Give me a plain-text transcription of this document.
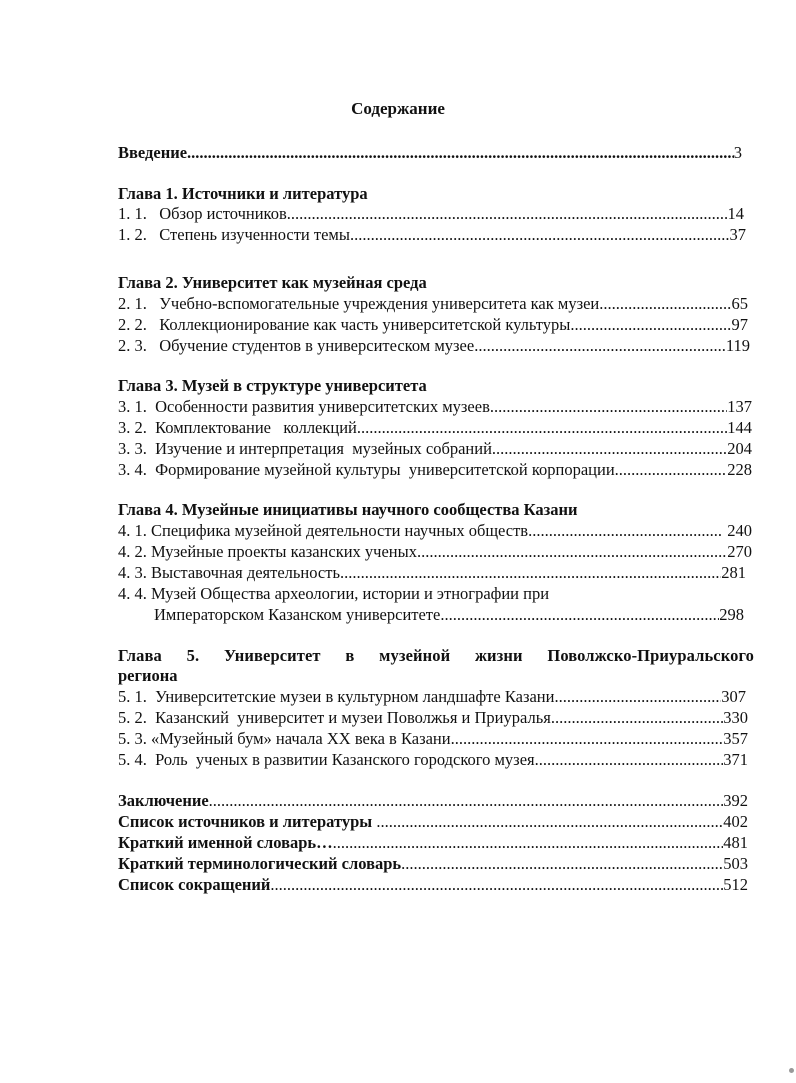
Содержание
Введение .....	3
Глава 1. Источники и литература
1. 1.   Обзор источников .....	14
1. 2.   Степень изученности темы .....	37
Глава 2. Университет как музейная среда
2. 1.   Учебно-вспомогательные учреждения университета как музеи .....	65
2. 2.   Коллекционирование как часть университетской культуры .....	97
2. 3.   Обучение студентов в университеском музее .....	119
Глава 3. Музей в структуре университета
3. 1.  Особенности развития университетских музеев .....	137
3. 2.  Комплектование   коллекций .....	144
3. 3.  Изучение и интерпретация  музейных собраний .....	204
3. 4.  Формирование музейной культуры  университетской корпорации .....	228
Глава 4. Музейные инициативы научного сообщества Казани
4. 1. Специфика музейной деятельности научных обществ .....	240
4. 2. Музейные проекты казанских ученых .....	270
4. 3. Выставочная деятельность .....	281
4. 4. Музей Общества археологии, истории и этнографии при
Императорском Казанском университете .....	298
Глава 5. Университет в музейной жизни Поволжско-Приуральского
региона
5. 1.  Университетские музеи в культурном ландшафте Казани .....	307
5. 2.  Казанский  университет и музеи Поволжья и Приуралья .....	330
5. 3. «Музейный бум» начала XX века в Казани .....	357
5. 4.  Роль  ученых в развитии Казанского городского музея .....	371
Заключение .....	392
Список источников и литературы .....	402
Краткий именной словарь… .....	481
Краткий терминологический словарь .....	503
Список сокращений .....	512
